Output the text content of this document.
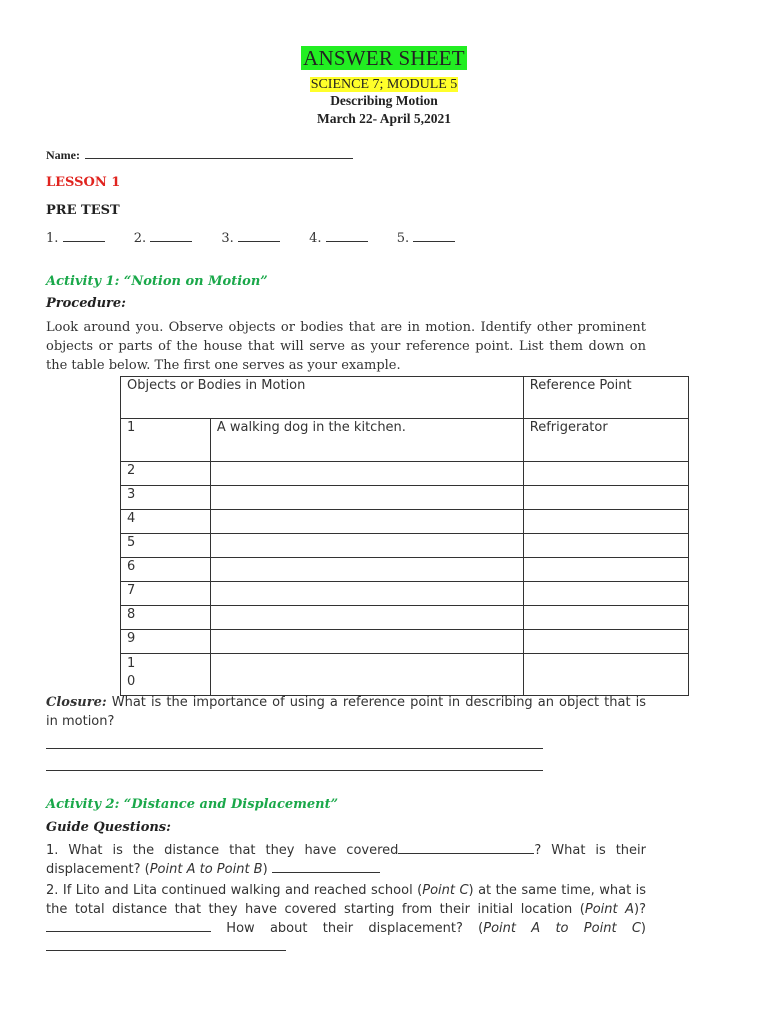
ANSWER SHEET
SCIENCE 7; MODULE 5
Describing Motion
March 22- April 5,2021
Name:
LESSON 1
PRE TEST
1.	2.	3.	4.	5.
Activity 1: “Notion on Motion”
Procedure:
Look around you. Observe objects or bodies that are in motion. Identify other prominent objects or parts of the house that will serve as your reference point. List them down on the table below. The first one serves as your example.
Objects or Bodies in Motion		Reference Point
1	A walking dog in the kitchen.	Refrigerator
2		
3		
4		
5		
6		
7		
8		
9		

10		

Closure: What is the importance of using a reference point in describing an object that is in motion?
Activity 2: “Distance and Displacement”
Guide Questions:
1. What is the distance that they have covered	? What is their displacement? (Point A to Point B)
2. If Lito and Lita continued walking and reached school (Point C) at the same time, what is the total distance that they have covered starting from their initial location (Point A)?  How about their displacement? (Point A to Point C)
